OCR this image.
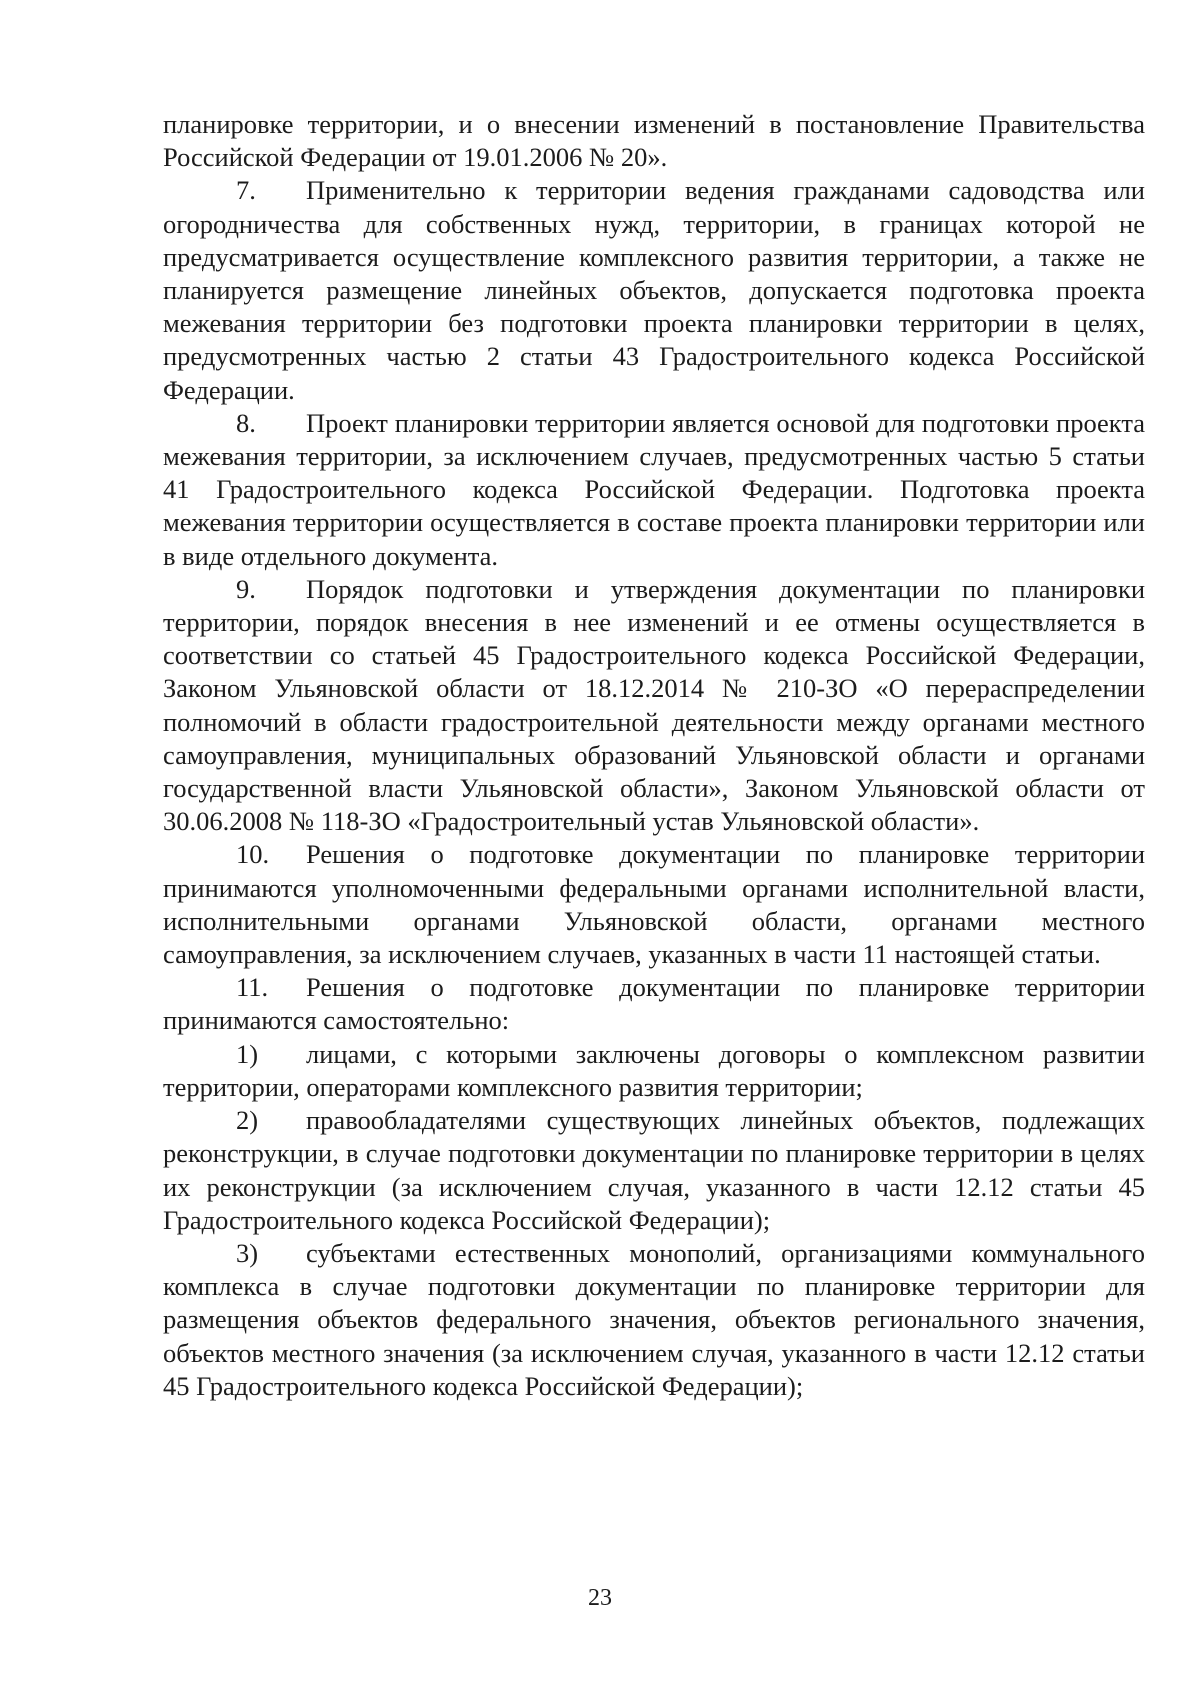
планировке территории, и о внесении изменений в постановление Правительства Российской Федерации от 19.01.2006 № 20».

7. Применительно к территории ведения гражданами садоводства или огородничества для собственных нужд, территории, в границах которой не предусматривается осуществление комплексного развития территории, а также не планируется размещение линейных объектов, допускается подготовка проекта межевания территории без подготовки проекта планировки территории в целях, предусмотренных частью 2 статьи 43 Градостроительного кодекса Российской Федерации.

8. Проект планировки территории является основой для подготовки проекта межевания территории, за исключением случаев, предусмотренных частью 5 статьи 41 Градостроительного кодекса Российской Федерации. Подготовка проекта межевания территории осуществляется в составе проекта планировки территории или в виде отдельного документа.

9. Порядок подготовки и утверждения документации по планировки территории, порядок внесения в нее изменений и ее отмены осуществляется в соответствии со статьей 45 Градостроительного кодекса Российской Федерации, Законом Ульяновской области от 18.12.2014 № 210-ЗО «О перераспределении полномочий в области градостроительной деятельности между органами местного самоуправления, муниципальных образований Ульяновской области и органами государственной власти Ульяновской области», Законом Ульяновской области от 30.06.2008 № 118-ЗО «Градостроительный устав Ульяновской области».

10. Решения о подготовке документации по планировке территории принимаются уполномоченными федеральными органами исполнительной власти, исполнительными органами Ульяновской области, органами местного самоуправления, за исключением случаев, указанных в части 11 настоящей статьи.

11. Решения о подготовке документации по планировке территории принимаются самостоятельно:

1) лицами, с которыми заключены договоры о комплексном развитии территории, операторами комплексного развития территории;

2) правообладателями существующих линейных объектов, подлежащих реконструкции, в случае подготовки документации по планировке территории в целях их реконструкции (за исключением случая, указанного в части 12.12 статьи 45 Градостроительного кодекса Российской Федерации);

3) субъектами естественных монополий, организациями коммунального комплекса в случае подготовки документации по планировке территории для размещения объектов федерального значения, объектов регионального значения, объектов местного значения (за исключением случая, указанного в части 12.12 статьи 45 Градостроительного кодекса Российской Федерации);

23
